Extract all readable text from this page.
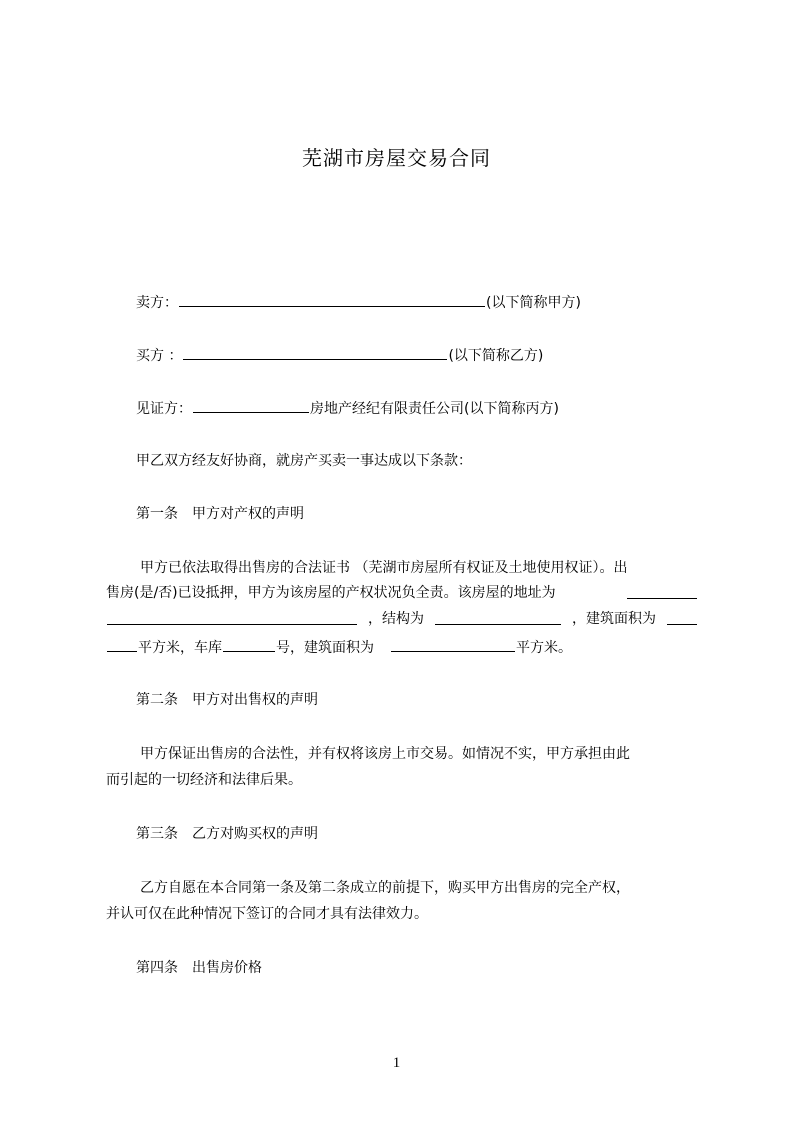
芜湖市房屋交易合同
卖方：	(以下简称甲方)
买方 ：	(以下简称乙方)
见证方：	房地产经纪有限责任公司(以下简称丙方)
甲乙双方经友好协商，就房产买卖一事达成以下条款：
第一条 甲方对产权的声明
甲方已依法取得出售房的合法证书 （芜湖市房屋所有权证及土地使用权证）。出
售房(是/否)已设抵押，甲方为该房屋的产权状况负全责。该房屋的地址为
，结构为	，建筑面积为
平方米，车库	号，建筑面积为	平方米。
第二条 甲方对出售权的声明
甲方保证出售房的合法性，并有权将该房上市交易。如情况不实，甲方承担由此
而引起的一切经济和法律后果。
第三条 乙方对购买权的声明
乙方自愿在本合同第一条及第二条成立的前提下，购买甲方出售房的完全产权，
并认可仅在此种情况下签订的合同才具有法律效力。
第四条 出售房价格
1
